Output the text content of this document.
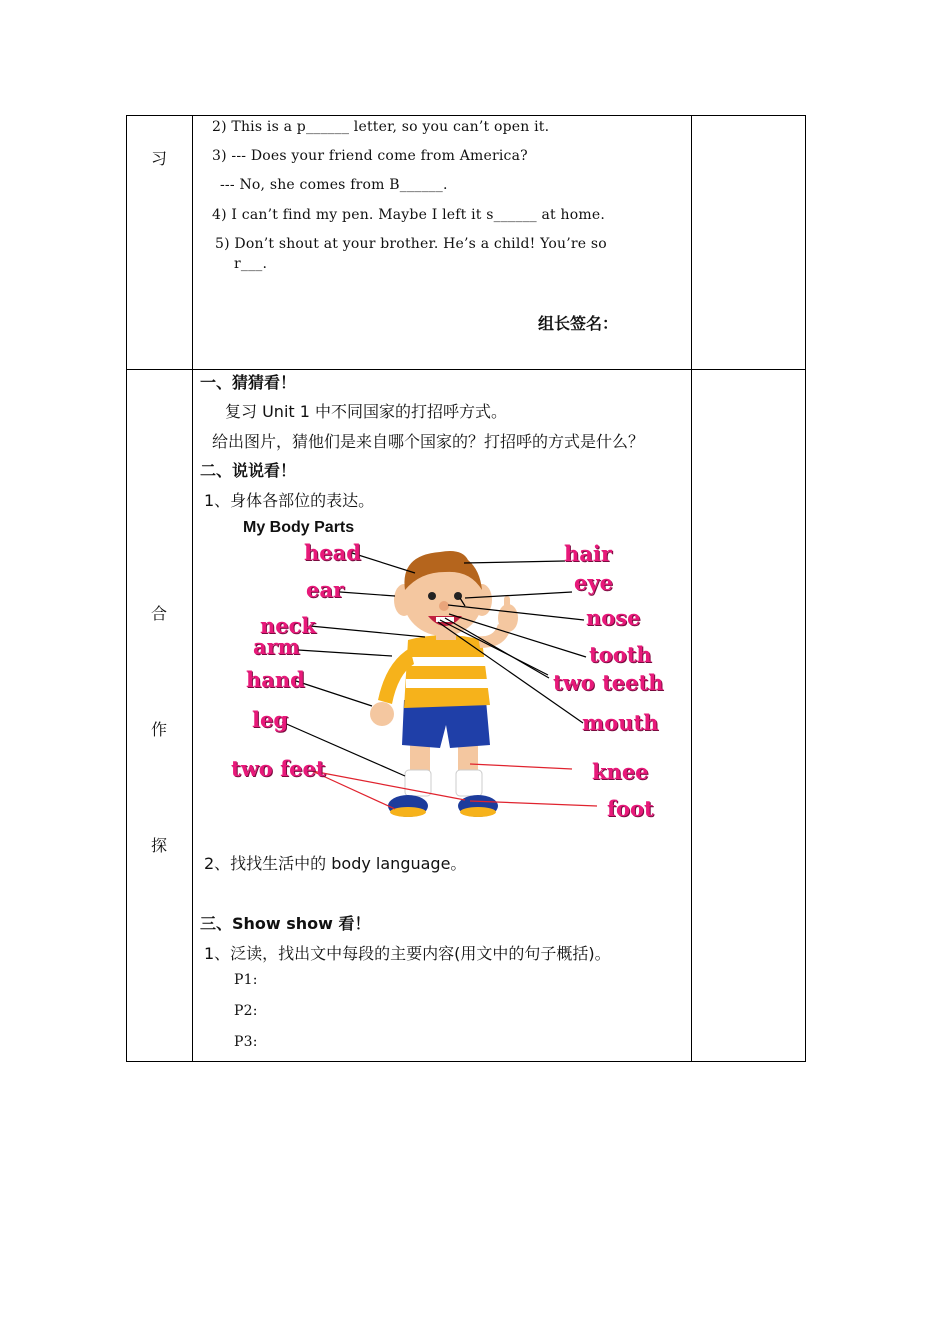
习
合
作
探
2) This is a p______ letter, so you can’t open it.
3) --- Does your friend come from America?
--- No, she comes from B______.
4) I can’t find my pen. Maybe I left it s______ at home.
5) Don’t shout at your brother. He’s a child! You’re so
r___.
组长签名：
一、猜猜看！
复习 Unit 1 中不同国家的打招呼方式。
给出图片，猜他们是来自哪个国家的？打招呼的方式是什么？
二、说说看！
1、身体各部位的表达。
My Body Parts
head
ear
neck
arm
hand
leg
two feet
hair
eye
nose
tooth
two teeth
mouth
knee
foot
2、找找生活中的 body language。
三、Show show 看！
1、泛读，找出文中每段的主要内容(用文中的句子概括)。
P1:
P2:
P3:
